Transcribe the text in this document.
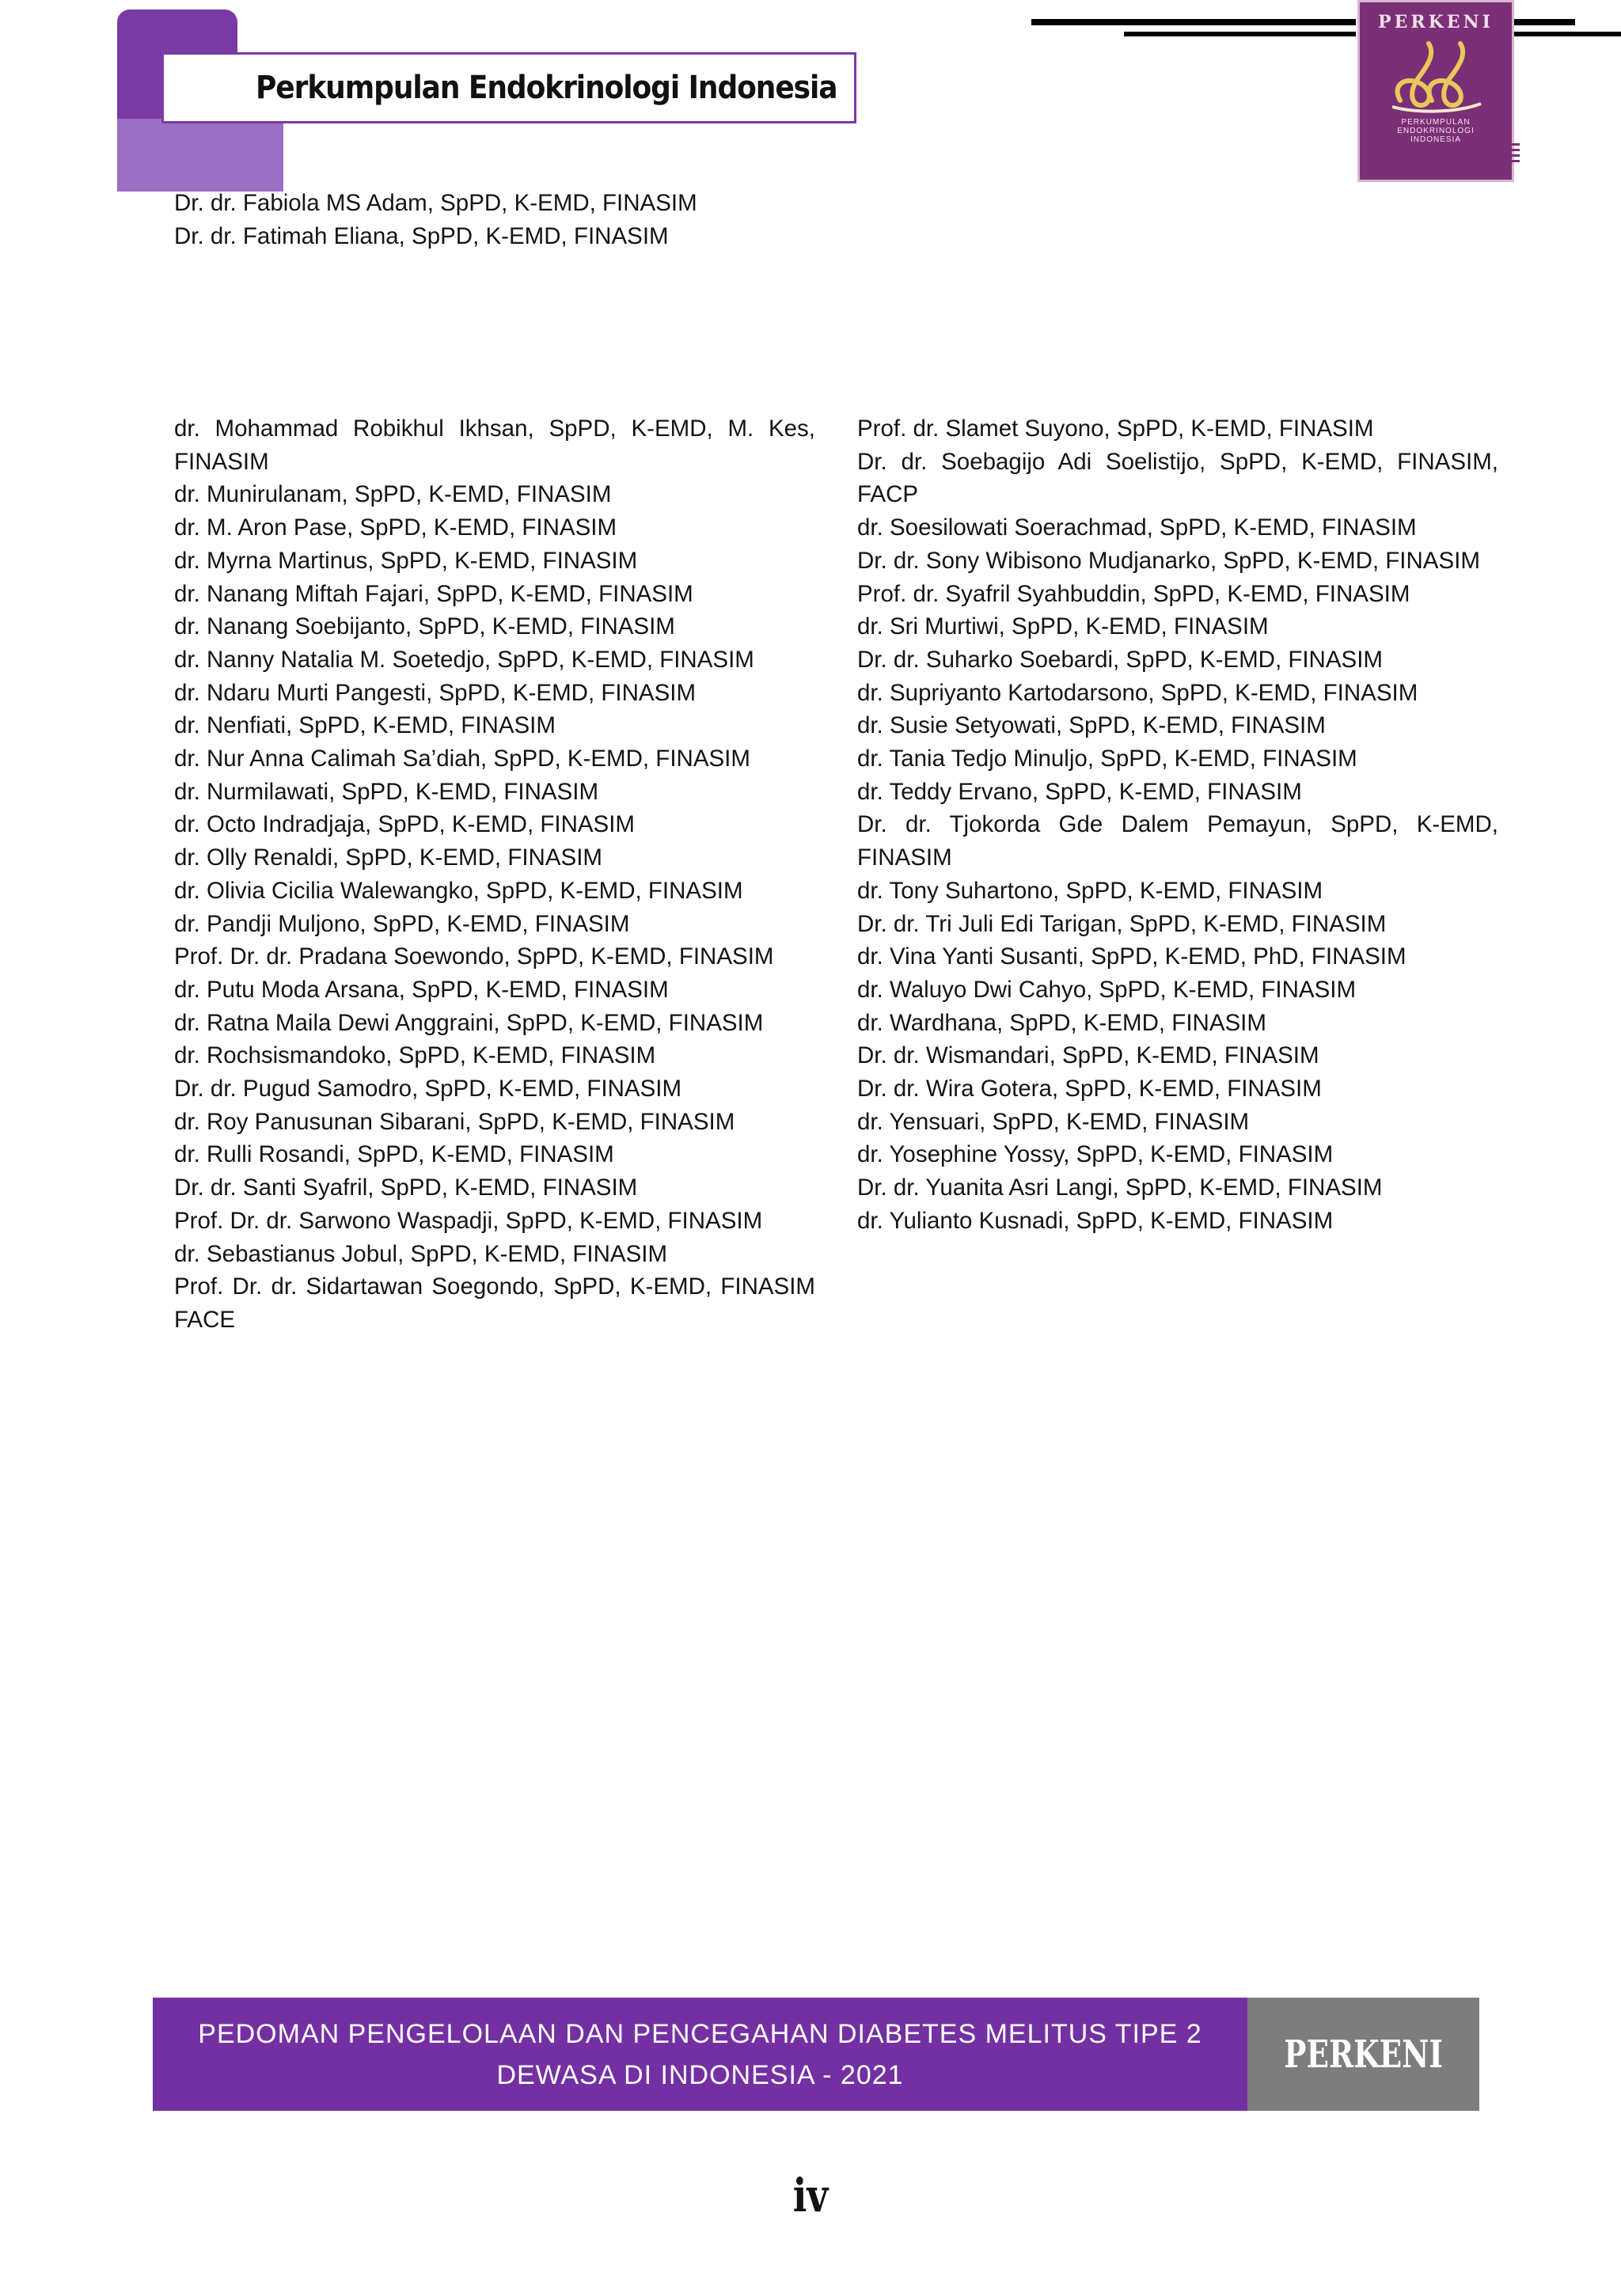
Perkumpulan Endokrinologi Indonesia
PERKENI
PERKUMPULAN
ENDOKRINOLOGI
INDONESIA
Dr. dr. Fabiola MS Adam, SpPD, K-EMD, FINASIM
Dr. dr. Fatimah Eliana, SpPD, K-EMD, FINASIM

dr. Mohammad Robikhul Ikhsan, SpPD, K-EMD, M. Kes, FINASIM

dr. Munirulanam, SpPD, K-EMD, FINASIM

dr. M. Aron Pase, SpPD, K-EMD, FINASIM

dr. Myrna Martinus, SpPD, K-EMD, FINASIM

dr. Nanang Miftah Fajari, SpPD, K-EMD, FINASIM

dr. Nanang Soebijanto, SpPD, K-EMD, FINASIM

dr. Nanny Natalia M. Soetedjo, SpPD, K-EMD, FINASIM

dr. Ndaru Murti Pangesti, SpPD, K-EMD, FINASIM

dr. Nenfiati, SpPD, K-EMD, FINASIM

dr. Nur Anna Calimah Sa’diah, SpPD, K-EMD, FINASIM

dr. Nurmilawati, SpPD, K-EMD, FINASIM

dr. Octo Indradjaja, SpPD, K-EMD, FINASIM

dr. Olly Renaldi, SpPD, K-EMD, FINASIM

dr. Olivia Cicilia Walewangko, SpPD, K-EMD, FINASIM

dr. Pandji Muljono, SpPD, K-EMD, FINASIM

Prof. Dr. dr. Pradana Soewondo, SpPD, K-EMD, FINASIM

dr. Putu Moda Arsana, SpPD, K-EMD, FINASIM

dr. Ratna Maila Dewi Anggraini, SpPD, K-EMD, FINASIM

dr. Rochsismandoko, SpPD, K-EMD, FINASIM

Dr. dr. Pugud Samodro, SpPD, K-EMD, FINASIM

dr. Roy Panusunan Sibarani, SpPD, K-EMD, FINASIM

dr. Rulli Rosandi, SpPD, K-EMD, FINASIM

Dr. dr. Santi Syafril, SpPD, K-EMD, FINASIM

Prof. Dr. dr. Sarwono Waspadji, SpPD, K-EMD, FINASIM

dr. Sebastianus Jobul, SpPD, K-EMD, FINASIM

Prof. Dr. dr. Sidartawan Soegondo, SpPD, K-EMD, FINASIM FACE

Prof. dr. Slamet Suyono, SpPD, K-EMD, FINASIM

Dr. dr. Soebagijo Adi Soelistijo, SpPD, K-EMD, FINASIM, FACP

dr. Soesilowati Soerachmad, SpPD, K-EMD, FINASIM

Dr. dr. Sony Wibisono Mudjanarko, SpPD, K-EMD, FINASIM

Prof. dr. Syafril Syahbuddin, SpPD, K-EMD, FINASIM

dr. Sri Murtiwi, SpPD, K-EMD, FINASIM

Dr. dr. Suharko Soebardi, SpPD, K-EMD, FINASIM

dr. Supriyanto Kartodarsono, SpPD, K-EMD, FINASIM

dr. Susie Setyowati, SpPD, K-EMD, FINASIM

dr. Tania Tedjo Minuljo, SpPD, K-EMD, FINASIM

dr. Teddy Ervano, SpPD, K-EMD, FINASIM

Dr. dr. Tjokorda Gde Dalem Pemayun, SpPD, K-EMD, FINASIM

dr. Tony Suhartono, SpPD, K-EMD, FINASIM

Dr. dr. Tri Juli Edi Tarigan, SpPD, K-EMD, FINASIM

dr. Vina Yanti Susanti, SpPD, K-EMD, PhD, FINASIM

dr. Waluyo Dwi Cahyo, SpPD, K-EMD, FINASIM

dr. Wardhana, SpPD, K-EMD, FINASIM

Dr. dr. Wismandari, SpPD, K-EMD, FINASIM

Dr. dr. Wira Gotera, SpPD, K-EMD, FINASIM

dr. Yensuari, SpPD, K-EMD, FINASIM

dr. Yosephine Yossy, SpPD, K-EMD, FINASIM

Dr. dr. Yuanita Asri Langi, SpPD, K-EMD, FINASIM

dr. Yulianto Kusnadi, SpPD, K-EMD, FINASIM

PEDOMAN PENGELOLAAN DAN PENCEGAHAN DIABETES MELITUS TIPE 2
DEWASA DI INDONESIA - 2021	PERKENI
iv
